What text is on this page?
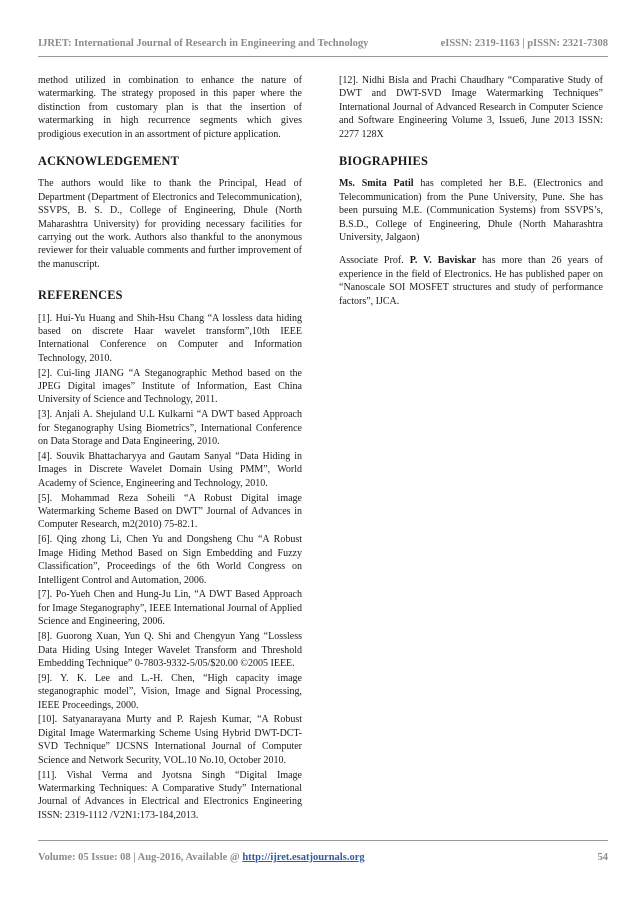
IJRET: International Journal of Research in Engineering and Technology	eISSN: 2319-1163 | pISSN: 2321-7308

method utilized in combination to enhance the nature of watermarking. The strategy proposed in this paper where the distinction from customary plan is that the insertion of watermarking in high recurrence segments which gives prodigious execution in an assortment of picture application.

ACKNOWLEDGEMENT

The authors would like to thank the Principal, Head of Department (Department of Electronics and Telecommunication), SSVPS, B. S. D., College of Engineering, Dhule (North Maharashtra University) for providing necessary facilities for carrying out the work. Authors also thankful to the anonymous reviewer for their valuable comments and further improvement of the manuscript.

REFERENCES

[1]. Hui-Yu Huang and Shih-Hsu Chang “A lossless data hiding based on discrete Haar wavelet transform”,10th IEEE International Conference on Computer and Information Technology, 2010.

[2]. Cui-ling JIANG “A Steganographic Method based on the JPEG Digital images” Institute of Information, East China University of Science and Technology, 2011.

[3]. Anjali A. Shejuland U.L Kulkarni “A DWT based Approach for Steganography Using Biometrics”, International Conference on Data Storage and Data Engineering, 2010.

[4]. Souvik Bhattacharyya and Gautam Sanyal “Data Hiding in Images in Discrete Wavelet Domain Using PMM”, World Academy of Science, Engineering and Technology, 2010.

[5]. Mohammad Reza Soheili “A Robust Digital image Watermarking Scheme Based on DWT” Journal of Advances in Computer Research, m2(2010) 75-82.1.

[6]. Qing zhong Li, Chen Yu and Dongsheng Chu “A Robust Image Hiding Method Based on Sign Embedding and Fuzzy Classification”, Proceedings of the 6th World Congress on Intelligent Control and Automation, 2006.

[7]. Po-Yueh Chen and Hung-Ju Lin, “A DWT Based Approach for Image Steganography”, IEEE International Journal of Applied Science and Engineering, 2006.

[8]. Guorong Xuan, Yun Q. Shi and Chengyun Yang “Lossless Data Hiding Using Integer Wavelet Transform and Threshold Embedding Technique” 0-7803-9332-5/05/$20.00 ©2005 IEEE.

[9]. Y. K. Lee and L.-H. Chen, “High capacity image steganographic model”, Vision, Image and Signal Processing, IEEE Proceedings, 2000.

[10]. Satyanarayana Murty and P. Rajesh Kumar, “A Robust Digital Image Watermarking Scheme Using Hybrid DWT-DCT-SVD Technique” IJCSNS International Journal of Computer Science and Network Security, VOL.10 No.10, October 2010.

[11]. Vishal Verma and Jyotsna Singh “Digital Image Watermarking Techniques: A Comparative Study” International Journal of Advances in Electrical and Electronics Engineering ISSN: 2319-1112 /V2N1:173-184,2013.

[12]. Nidhi Bisla and Prachi Chaudhary “Comparative Study of DWT and DWT-SVD Image Watermarking Techniques” International Journal of Advanced Research in Computer Science and Software Engineering Volume 3, Issue6, June 2013 ISSN: 2277 128X

BIOGRAPHIES

Ms. Smita Patil has completed her B.E. (Electronics and Telecommunication) from the Pune University, Pune. She has been pursuing M.E. (Communication Systems) from SSVPS’s, B.S.D., College of Engineering, Dhule (North Maharashtra University, Jalgaon)

Associate Prof. P. V. Baviskar has more than 26 years of experience in the field of Electronics. He has published paper on “Nanoscale SOI MOSFET structures and study of performance factors”, IJCA.

Volume: 05 Issue: 08 | Aug-2016, Available @ http://ijret.esatjournals.org	54
